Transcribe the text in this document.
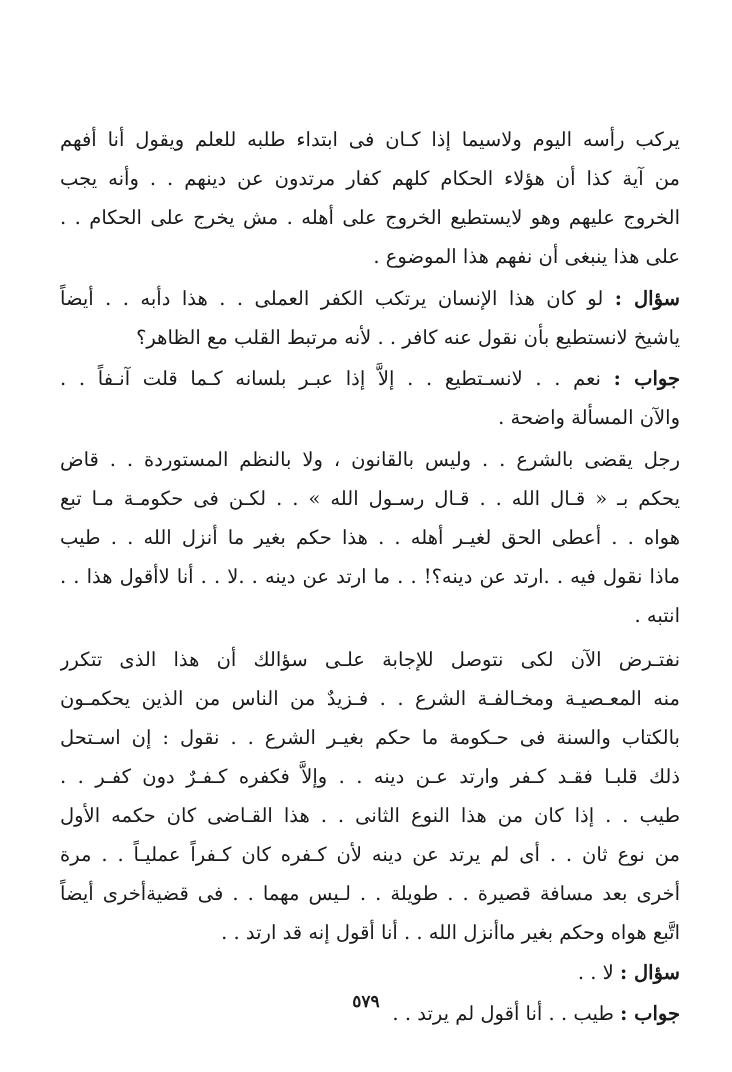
يركب رأسه اليوم ولاسيما إذا كـان فى ابتداء طلبه للعلم ويقول أنا أفهم
من آية كذا أن هؤلاء الحكام كلهم كفار مرتدون عن دينهم . . وأنه يجب
الخروج عليهم وهو لايستطيع الخروج على أهله . مش يخرج على الحكام . .
على هذا ينبغى أن نفهم هذا الموضوع .
سؤال : لو كان هذا الإنسان يرتكب الكفر العملى . . هذا دأبه . . أيضاً
ياشيخ لانستطيع بأن نقول عنه كافر . . لأنه مرتبط القلب مع الظاهر؟
جواب : نعم . . لانسـتطيع . . إلاَّ إذا عبـر بلسانه كـما قلت آنـفاً . .
والآن المسألة واضحة .
رجل يقضى بالشرع . . وليس بالقانون ، ولا بالنظم المستوردة . . قاض
يحكم بـ « قـال الله . . قـال رسـول الله » . . لكـن فى حكومـة مـا تبع
هواه . . أعطى الحق لغيـر أهله . . هذا حكم بغير ما أنزل الله . . طيب
ماذا نقول فيه . .ارتد عن دينه؟! . . ما ارتد عن دينه . .لا . . أنا لاأقول هذا . .
انتبه .
نفتـرض الآن لكى نتوصل للإجابة علـى سؤالك أن هذا الذى تتكرر
منه المعـصيـة ومخـالفـة الشرع . . فـزيدٌ من الناس من الذين يحكمـون
بالكتاب والسنة فى حـكومة ما حكم بغيـر الشرع . . نقول : إن اسـتحل
ذلك قلبـا فقـد كـفر وارتد عـن دينه . . وإلاَّ فكفره كـفـرٌ دون كفـر . .
طيب . . إذا كان من هذا النوع الثانى . . هذا القـاضى كان حكمه الأول
من نوع ثان . . أى لم يرتد عن دينه لأن كـفره كان كـفراً عمليـاً . . مرة
أخرى بعد مسافة قصيرة . . طويلة . . لـيس مهما . . فى قضيةأخرى أيضاً
اتَّبع هواه وحكم بغير ماأنزل الله . . أنا أقول إنه قد ارتد . .
سؤال : لا . .
جواب : طيب . . أنا أقول لم يرتد . .
٥٧٩
